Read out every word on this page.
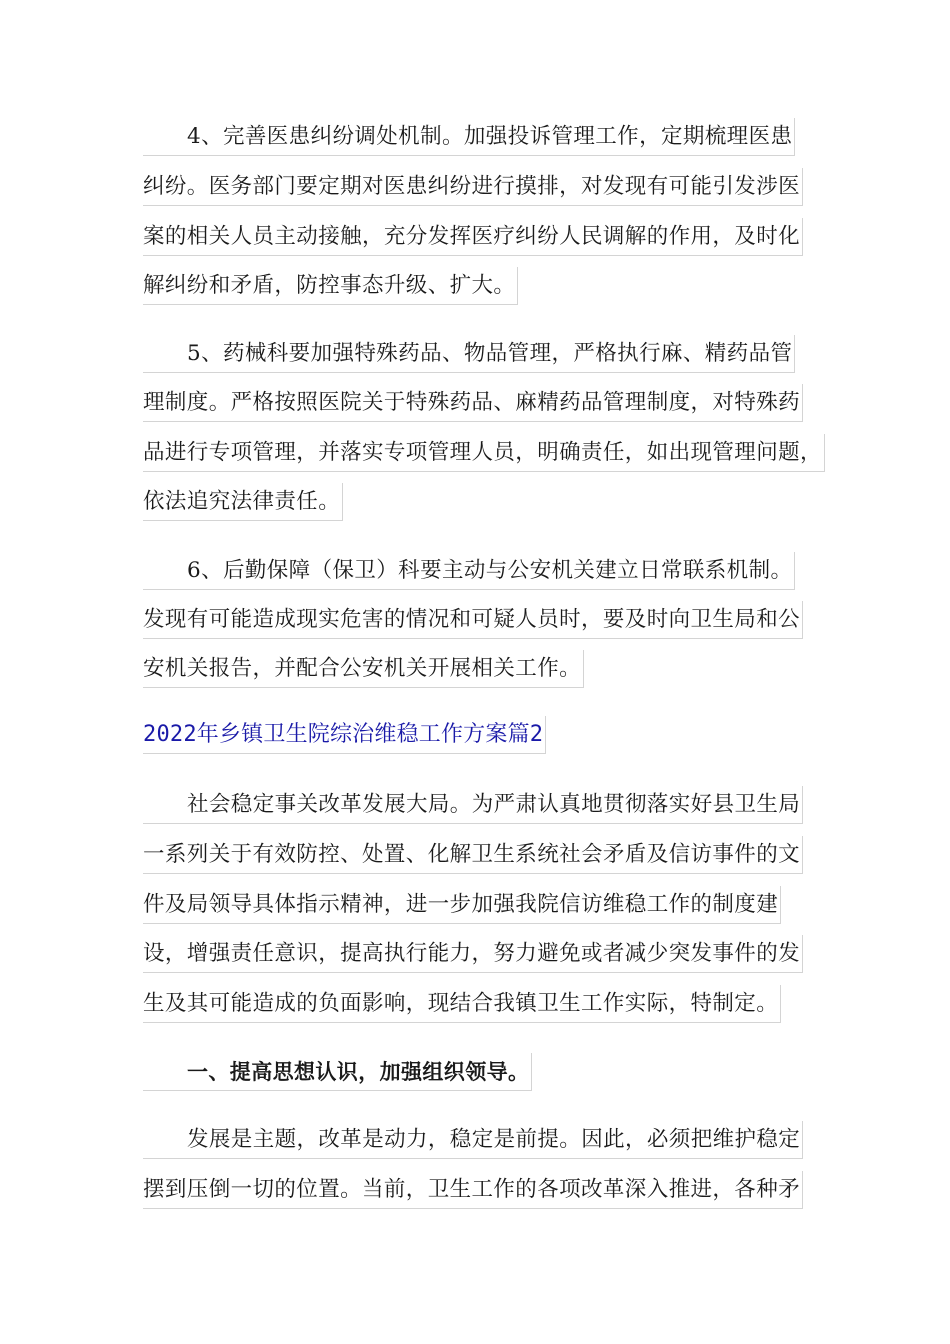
4、完善医患纠纷调处机制。加强投诉管理工作，定期梳理医患
纠纷。医务部门要定期对医患纠纷进行摸排，对发现有可能引发涉医
案的相关人员主动接触，充分发挥医疗纠纷人民调解的作用，及时化
解纠纷和矛盾，防控事态升级、扩大。
5、药械科要加强特殊药品、物品管理，严格执行麻、精药品管
理制度。严格按照医院关于特殊药品、麻精药品管理制度，对特殊药
品进行专项管理，并落实专项管理人员，明确责任，如出现管理问题，
依法追究法律责任。
6、后勤保障（保卫）科要主动与公安机关建立日常联系机制。
发现有可能造成现实危害的情况和可疑人员时，要及时向卫生局和公
安机关报告，并配合公安机关开展相关工作。
2022年乡镇卫生院综治维稳工作方案篇2
社会稳定事关改革发展大局。为严肃认真地贯彻落实好县卫生局
一系列关于有效防控、处置、化解卫生系统社会矛盾及信访事件的文
件及局领导具体指示精神，进一步加强我院信访维稳工作的制度建
设，增强责任意识，提高执行能力，努力避免或者减少突发事件的发
生及其可能造成的负面影响，现结合我镇卫生工作实际，特制定。
一、提高思想认识，加强组织领导。
发展是主题，改革是动力，稳定是前提。因此，必须把维护稳定
摆到压倒一切的位置。当前，卫生工作的各项改革深入推进，各种矛
